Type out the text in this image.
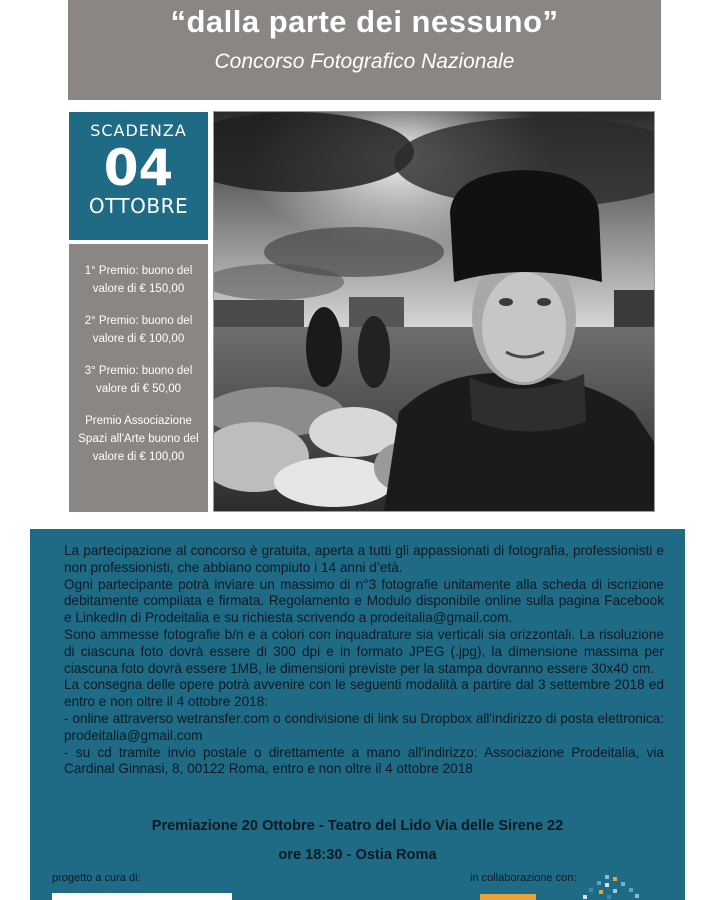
“dalla parte dei nessuno”
Concorso Fotografico Nazionale
SCADENZA
04
OTTOBRE
1° Premio: buono del valore di € 150,00
2° Premio: buono del valore di € 100,00
3° Premio: buono del valore di € 50,00
Premio Associazione Spazi all'Arte buono del valore di € 100,00

La partecipazione al concorso è gratuita, aperta a tutti gli appassionati di fotografia, professionisti e non professionisti, che abbiano compiuto i 14 anni d’età.

Ogni partecipante potrà inviare un massimo di n°3 fotografie unitamente alla scheda di iscrizione debitamente compilata e firmata. Regolamento e Modulo disponibile online sulla pagina Facebook e LinkedIn di Prodeitalia e su richiesta scrivendo a prodeitalia@gmail.com.

Sono ammesse fotografie b/n e a colori con inquadrature sia verticali sia orizzontali. La risoluzione di ciascuna foto dovrà essere di 300 dpi e in formato JPEG (.jpg), la dimensione massima per ciascuna foto dovrà essere 1MB, le dimensioni previste per la stampa dovranno essere 30x40 cm.

La consegna delle opere potrà avvenire con le seguenti modalità a partire dal 3 settembre 2018 ed entro e non oltre il 4 ottobre 2018:

- online attraverso wetransfer.com o condivisione di link su Dropbox all'indirizzo di posta elettronica: prodeitalia@gmail.com

- su cd tramite invio postale o direttamente a mano all'indirizzo: Associazione Prodeitalia, via Cardinal Ginnasi, 8, 00122 Roma, entro e non oltre il 4 ottobre 2018

Premiazione 20 Ottobre - Teatro del Lido Via delle Sirene 22
ore 18:30 - Ostia Roma
progetto a cura di:	in collaborazione con:
